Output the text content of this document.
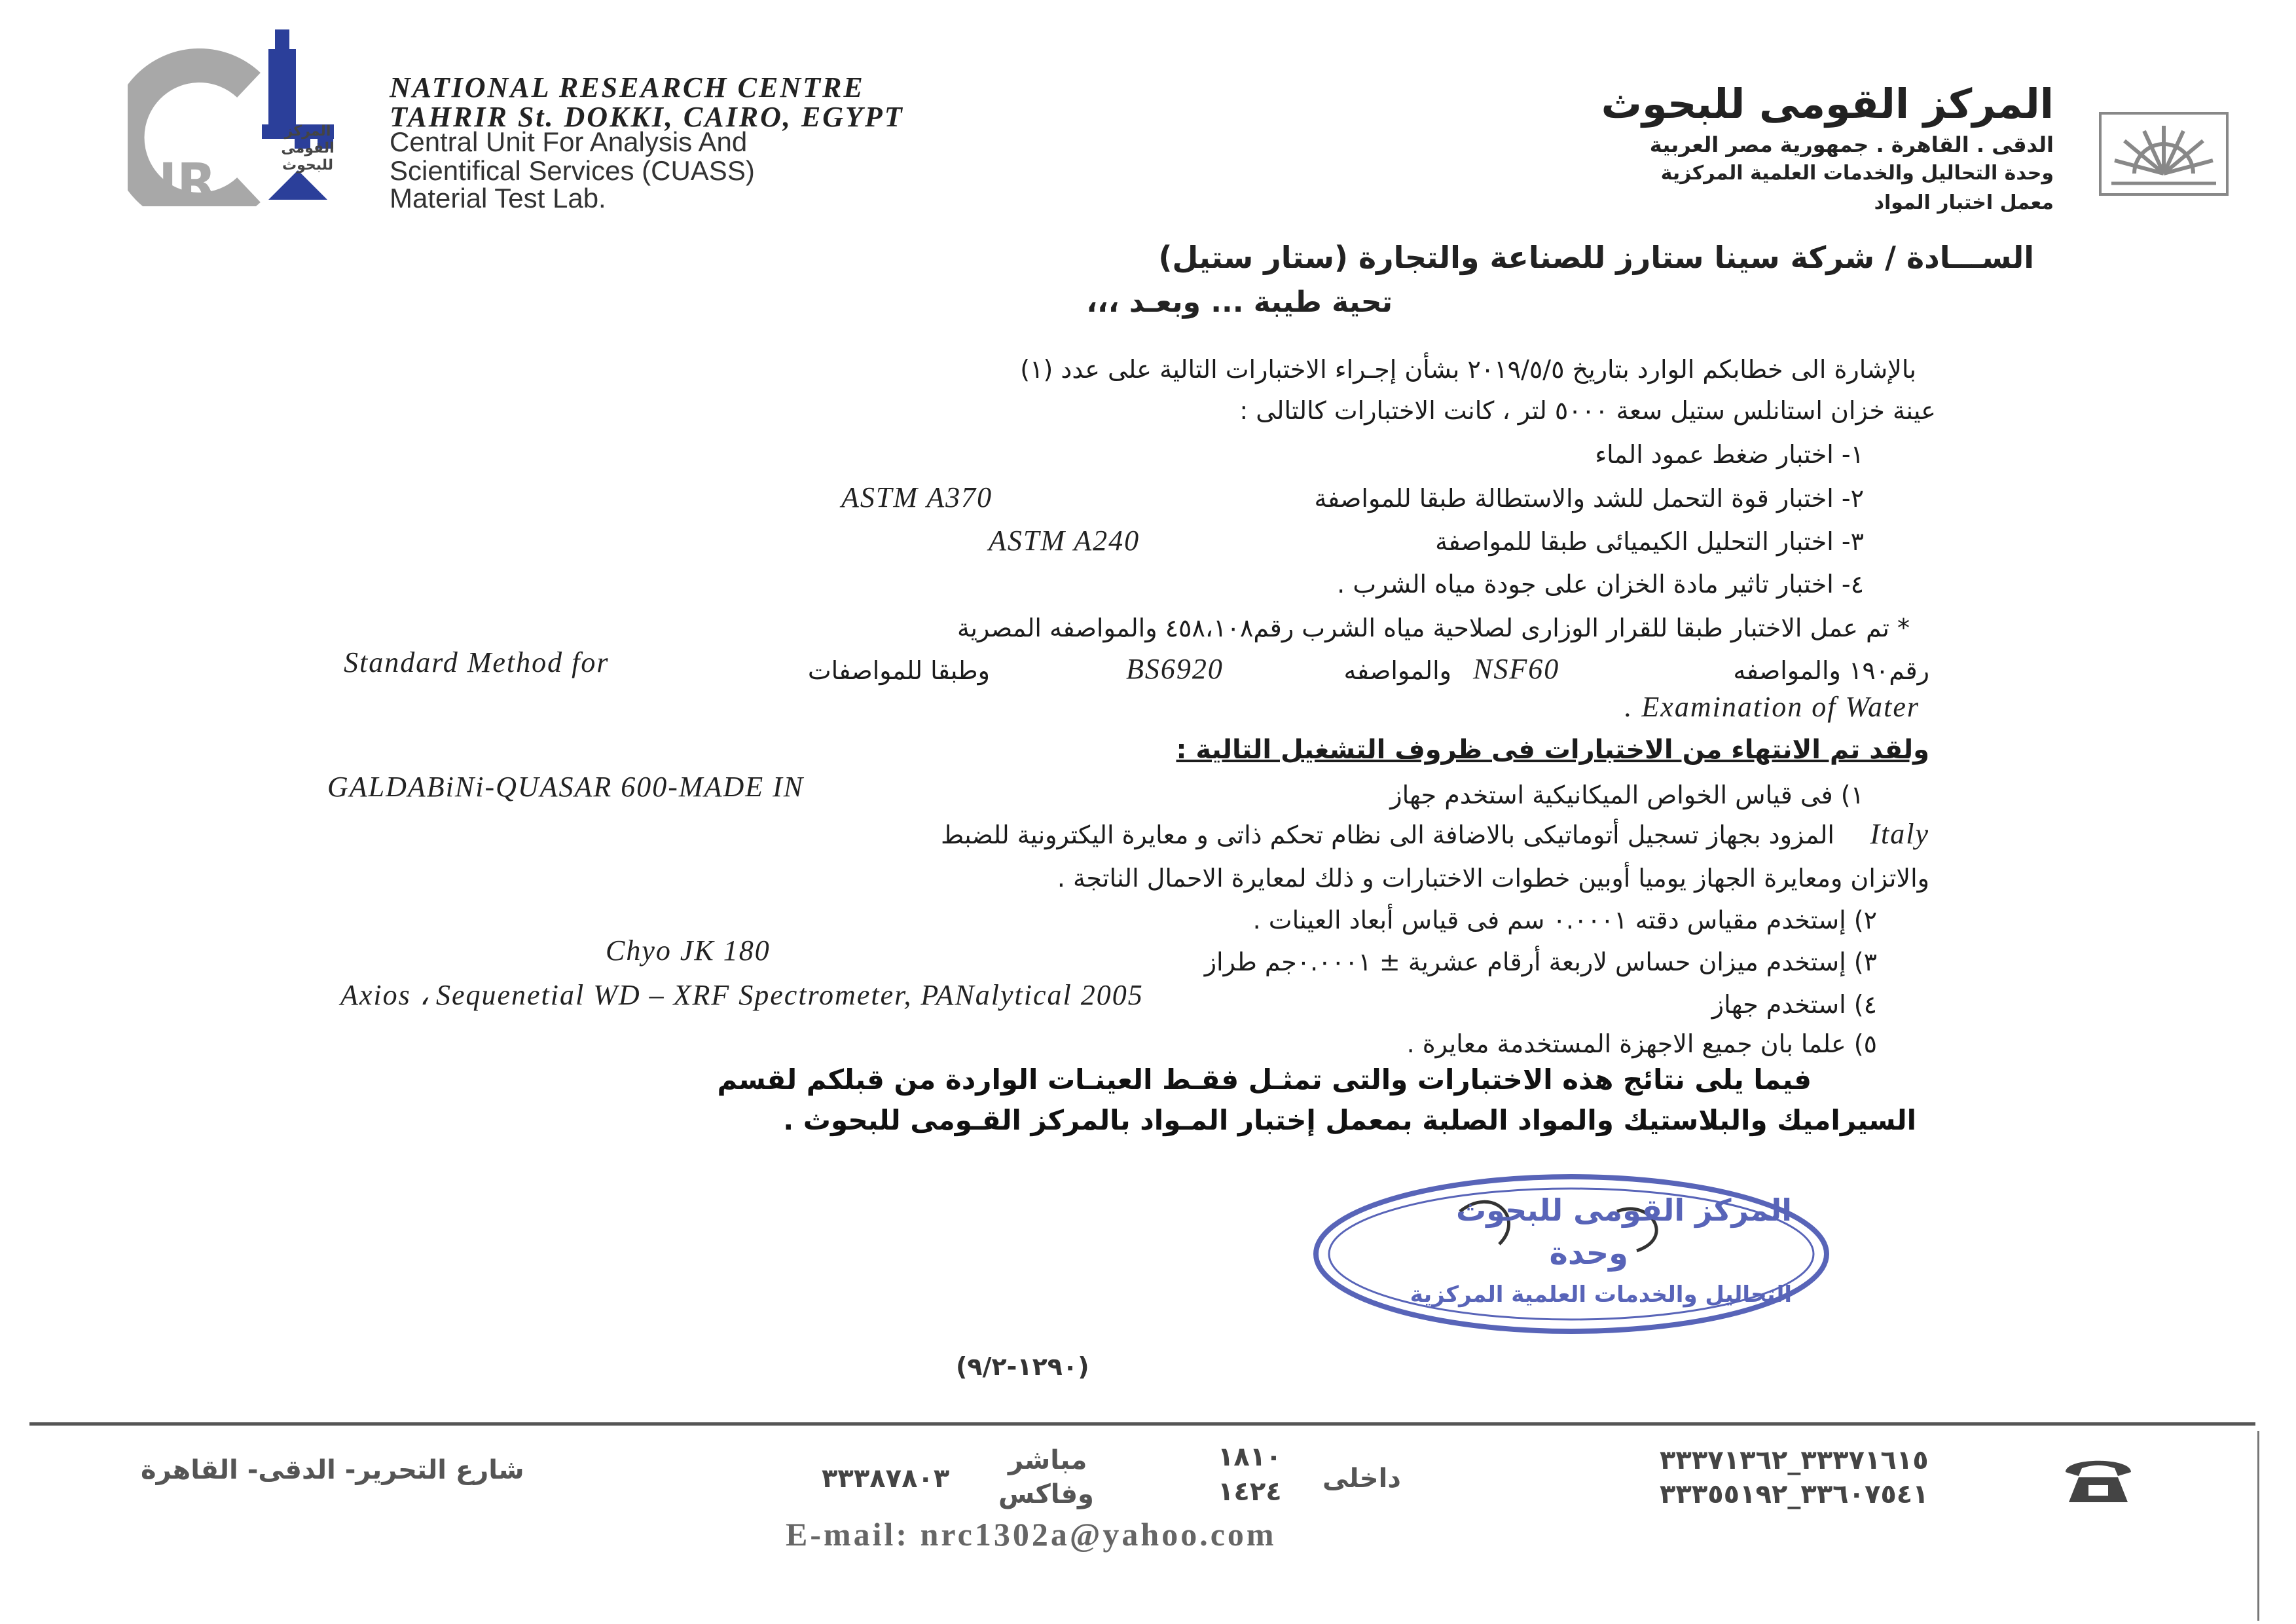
NR
المركز القومى للبحوث
NATIONAL RESEARCH CENTRE
TAHRIR St. DOKKI, CAIRO, EGYPT
Central Unit For Analysis And
Scientifical Services (CUASS)
Material Test Lab.
المركز القومى للبحوث
الدقى . القاهرة . جمهورية مصر العربية
وحدة التحاليل والخدمات العلمية المركزية
معمل اختبار المواد
الســـادة / شركة سينا ستارز للصناعة والتجارة (ستار ستيل)
تحية طيبة ... وبعـد ،،،
بالإشارة الى خطابكم الوارد بتاريخ ٢٠١٩/٥/٥ بشأن إجـراء الاختبارات التالية على عدد (١)
عينة خزان استانلس ستيل سعة ٥٠٠٠ لتر ، كانت الاختبارات كالتالى :
١- اختبار ضغط عمود الماء
٢- اختبار قوة التحمل للشد والاستطالة طبقا للمواصفة
ASTM A370
٣- اختبار التحليل الكيميائى طبقا للمواصفة
ASTM A240
٤- اختبار تاثير مادة الخزان على جودة مياه الشرب .
* تم عمل الاختبار طبقا للقرار الوزارى لصلاحية مياه الشرب رقم٤٥٨،١٠٨ والمواصفه المصرية
رقم١٩٠ والمواصفه
NSF60
والمواصفه
BS6920
وطبقا للمواصفات
Standard Method for
. Examination of Water
ولقد تم الانتهاء من الاختبارات فى ظروف التشغيل التالية :
١) فى قياس الخواص الميكانيكية استخدم جهاز
GALDABiNi-QUASAR 600-MADE IN
Italy
المزود بجهاز تسجيل أتوماتيكى بالاضافة الى نظام تحكم ذاتى و معايرة اليكترونية للضبط
والاتزان ومعايرة الجهاز يوميا أوبين خطوات الاختبارات و ذلك لمعايرة الاحمال الناتجة .
٢) إستخدم مقياس دقته ٠.٠٠٠١ سم فى قياس أبعاد العينات .
٣) إستخدم ميزان حساس لاربعة أرقام عشرية ± ٠.٠٠٠١جم طراز
Chyo JK 180
٤) استخدم جهاز
Axios ، Sequenetial WD – XRF Spectrometer, PANalytical 2005
٥) علما بان جميع الاجهزة المستخدمة معايرة .
فيما يلى نتائج هذه الاختبارات والتى تمثـل فقـط العينـات الواردة من قبلكم لقسم
السيراميك والبلاستيك والمواد الصلبة بمعمل إختبار المـواد بالمركز القـومى للبحوث .
المركز القومى للبحوث
وحدة
التحاليل والخدمات العلمية المركزية
(١٢٩٠-٩/٢)
٣٣٣٧١٦١٥_٣٣٣٧١٣٦٢
٣٣٦٠٧٥٤١_٣٣٣٥٥١٩٢
داخلى
١٨١٠
١٤٢٤
مباشر
وفاكس
٣٣٣٨٧٨٠٣
شارع التحرير- الدقى- القاهرة
E-mail: nrc1302a@yahoo.com
